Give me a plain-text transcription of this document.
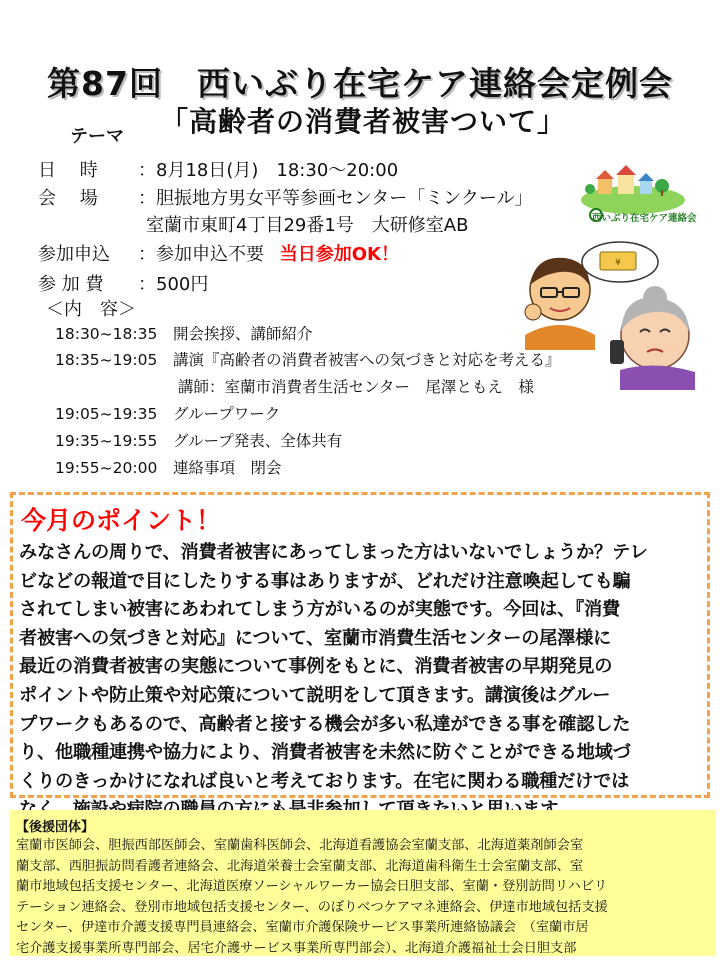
第87回　西いぶり在宅ケア連絡会定例会
テーマ 「高齢者の消費者被害ついて」
日　 時 ：8月18日(月)　18:30～20:00
会　 場 ：胆振地方男女平等参画センター「ミンクール」
室蘭市東町4丁目29番1号　大研修室AB
参加申込 ：参加申込不要 当日参加OK！
参 加 費 ：500円
＜内　容＞
18:30~18:35 開会挨拶、講師紹介
18:35~19:05 講演『高齢者の消費者被害への気づきと対応を考える』
講師：室蘭市消費者生活センター　尾澤ともえ　様
19:05~19:35 グループワーク
19:35~19:55 グループ発表、全体共有
19:55~20:00 連絡事項　閉会
西いぶり在宅ケア連絡会
¥
今月のポイント！
みなさんの周りで、消費者被害にあってしまった方はいないでしょうか？テレ
ビなどの報道で目にしたりする事はありますが、どれだけ注意喚起しても騙
されてしまい被害にあわれてしまう方がいるのが実態です。今回は、『消費
者被害への気づきと対応』について、室蘭市消費生活センターの尾澤様に
最近の消費者被害の実態について事例をもとに、消費者被害の早期発見の
ポイントや防止策や対応策について説明をして頂きます。講演後はグルー
プワークもあるので、高齢者と接する機会が多い私達ができる事を確認した
り、他職種連携や協力により、消費者被害を未然に防ぐことができる地域づ
くりのきっかけになれば良いと考えております。在宅に関わる職種だけでは

【後援団体】
室蘭市医師会、胆振西部医師会、室蘭歯科医師会、北海道看護協会室蘭支部、北海道薬剤師会室
蘭支部、西胆振訪問看護者連絡会、北海道栄養士会室蘭支部、北海道歯科衛生士会室蘭支部、室
蘭市地域包括支援センター、北海道医療ソーシャルワーカー協会日胆支部、室蘭・登別訪問リハビリ
テーション連絡会、登別市地域包括支援センター、のぼりべつケアマネ連絡会、伊達市地域包括支援
センター、伊達市介護支援専門員連絡会、室蘭市介護保険サービス事業所連絡協議会　（室蘭市居
宅介護支援事業所専門部会、居宅介護サービス事業所専門部会）、北海道介護福祉士会日胆支部
